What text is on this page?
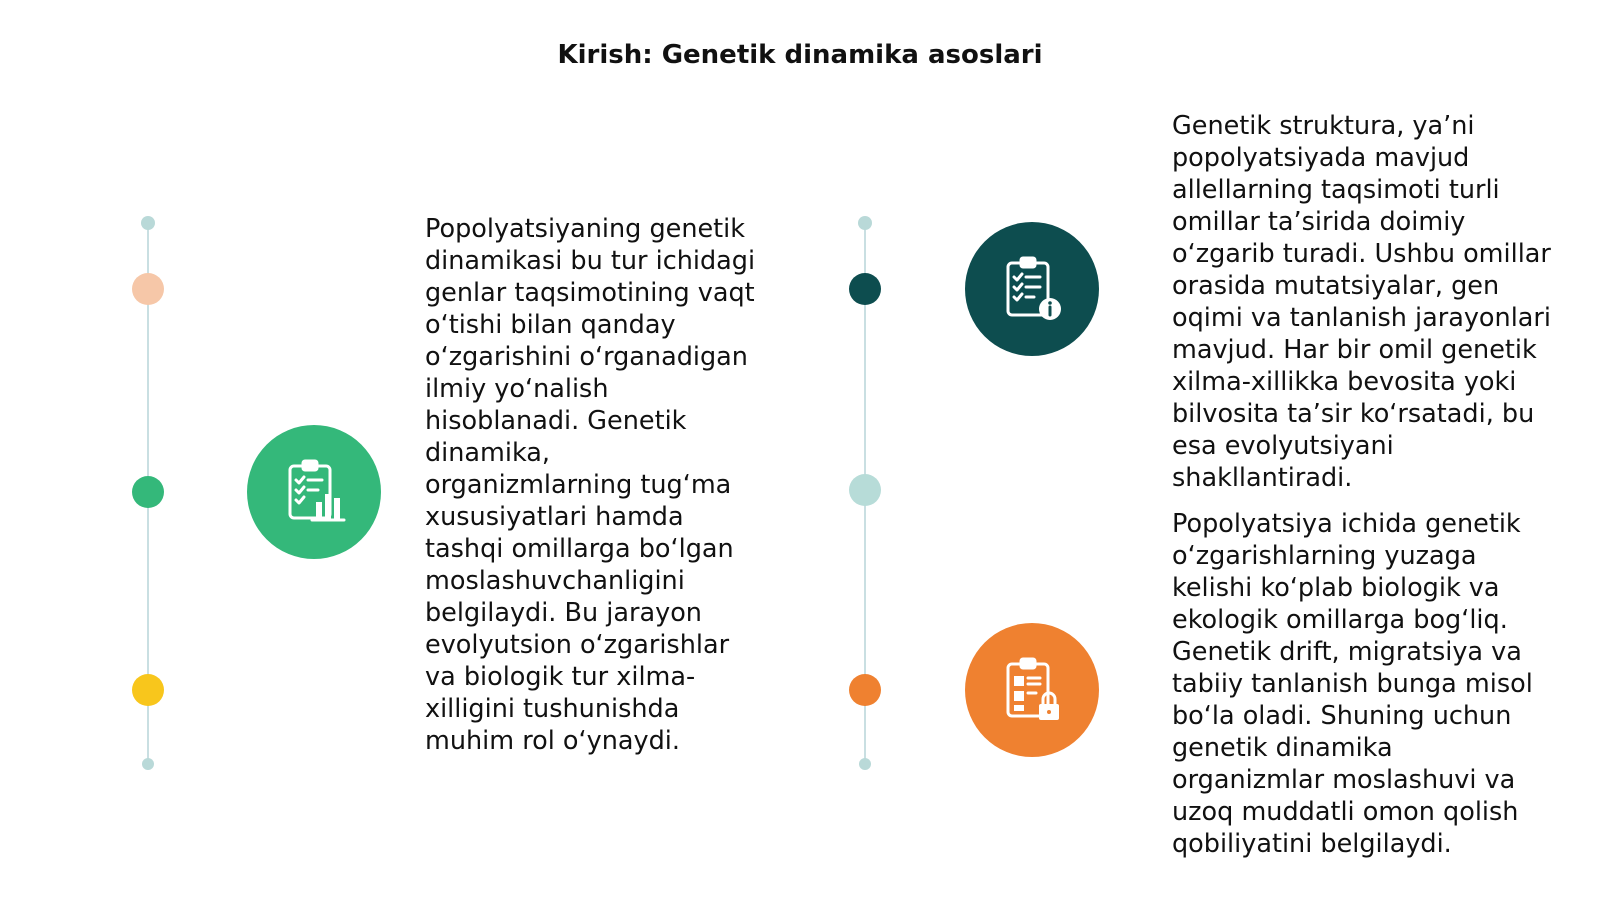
Kirish: Genetik dinamika asoslari

Popolyatsiyaning genetik dinamikasi bu tur ichidagi genlar taqsimotining vaqt o‘tishi bilan qanday o‘zgarishini o‘rganadigan ilmiy yo‘nalish hisoblanadi. Genetik dinamika, organizmlarning tug‘ma xususiyatlari hamda tashqi omillarga bo‘lgan moslashuvchanligini belgilaydi. Bu jarayon evolyutsion o‘zgarishlar va biologik tur xilma-xilligini tushunishda muhim rol o‘ynaydi.

Genetik struktura, ya’ni popolyatsiyada mavjud allellarning taqsimoti turli omillar ta’sirida doimiy o‘zgarib turadi. Ushbu omillar orasida mutatsiyalar, gen oqimi va tanlanish jarayonlari mavjud. Har bir omil genetik xilma-xillikka bevosita yoki bilvosita ta’sir ko‘rsatadi, bu esa evolyutsiyani shakllantiradi.

Popolyatsiya ichida genetik o‘zgarishlarning yuzaga kelishi ko‘plab biologik va ekologik omillarga bog‘liq. Genetik drift, migratsiya va tabiiy tanlanish bunga misol bo‘la oladi. Shuning uchun genetik dinamika organizmlar moslashuvi va uzoq muddatli omon qolish qobiliyatini belgilaydi.
